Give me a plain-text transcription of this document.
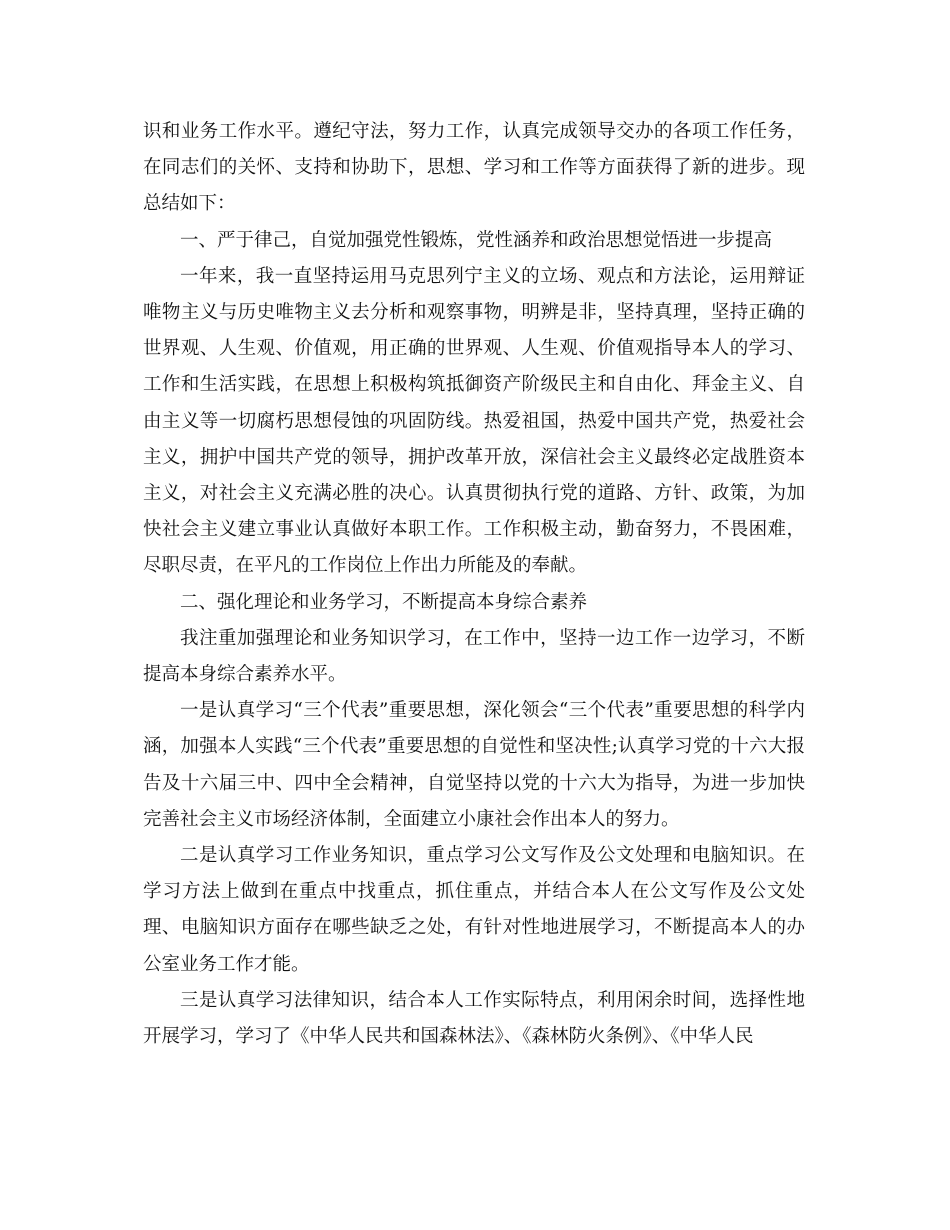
识和业务工作水平。遵纪守法，努力工作，认真完成领导交办的各项工作任务，在同志们的关怀、支持和协助下，思想、学习和工作等方面获得了新的进步。现总结如下：

一、严于律己，自觉加强党性锻炼，党性涵养和政治思想觉悟进一步提高

一年来，我一直坚持运用马克思列宁主义的立场、观点和方法论，运用辩证唯物主义与历史唯物主义去分析和观察事物，明辨是非，坚持真理，坚持正确的世界观、人生观、价值观，用正确的世界观、人生观、价值观指导本人的学习、工作和生活实践，在思想上积极构筑抵御资产阶级民主和自由化、拜金主义、自由主义等一切腐朽思想侵蚀的巩固防线。热爱祖国，热爱中国共产党，热爱社会主义，拥护中国共产党的领导，拥护改革开放，深信社会主义最终必定战胜资本主义，对社会主义充满必胜的决心。认真贯彻执行党的道路、方针、政策，为加快社会主义建立事业认真做好本职工作。工作积极主动，勤奋努力，不畏困难，尽职尽责，在平凡的工作岗位上作出力所能及的奉献。

二、强化理论和业务学习，不断提高本身综合素养

我注重加强理论和业务知识学习，在工作中，坚持一边工作一边学习，不断提高本身综合素养水平。

一是认真学习“三个代表”重要思想，深化领会“三个代表”重要思想的科学内涵，加强本人实践“三个代表”重要思想的自觉性和坚决性;认真学习党的十六大报告及十六届三中、四中全会精神，自觉坚持以党的十六大为指导，为进一步加快完善社会主义市场经济体制，全面建立小康社会作出本人的努力。

二是认真学习工作业务知识，重点学习公文写作及公文处理和电脑知识。在学习方法上做到在重点中找重点，抓住重点，并结合本人在公文写作及公文处理、电脑知识方面存在哪些缺乏之处，有针对性地进展学习，不断提高本人的办公室业务工作才能。

三是认真学习法律知识，结合本人工作实际特点，利用闲余时间，选择性地开展学习，学习了《中华人民共和国森林法》、《森林防火条例》、《中华人民
